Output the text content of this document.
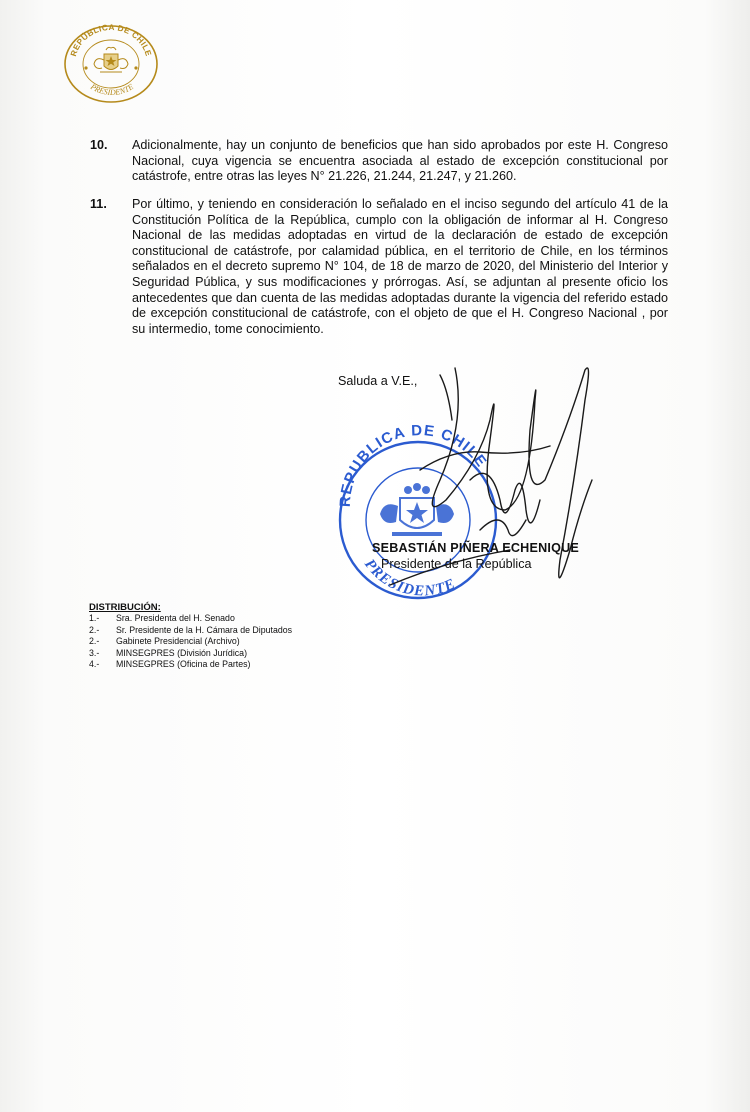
REPÚBLICA DE CHILE
PRESIDENTE
10. Adicionalmente, hay un conjunto de beneficios que han sido aprobados por este H. Congreso Nacional, cuya vigencia se encuentra asociada al estado de excepción constitucional por catástrofe, entre otras las leyes N° 21.226, 21.244, 21.247, y 21.260.
11. Por último, y teniendo en consideración lo señalado en el inciso segundo del artículo 41 de la Constitución Política de la República, cumplo con la obligación de informar al H. Congreso Nacional de las medidas adoptadas en virtud de la declaración de estado de excepción constitucional de catástrofe, por calamidad pública, en el territorio de Chile, en los términos señalados en el decreto supremo N° 104, de 18 de marzo de 2020, del Ministerio del Interior y Seguridad Pública, y sus modificaciones y prórrogas. Así, se adjuntan al presente oficio los antecedentes que dan cuenta de las medidas adoptadas durante la vigencia del referido estado de excepción constitucional de catástrofe, con el objeto de que el H. Congreso Nacional , por su intermedio, tome conocimiento.
Saluda a V.E.,
REPUBLICA DE CHILE
PRESIDENTE
SEBASTIÁN PIÑERA ECHENIQUE
Presidente de la República
DISTRIBUCIÓN:
1.-	Sra. Presidenta del H. Senado
2.-	Sr. Presidente de la H. Cámara de Diputados
2.-	Gabinete Presidencial (Archivo)
3.-	MINSEGPRES (División Jurídica)
4.-	MINSEGPRES (Oficina de Partes)
